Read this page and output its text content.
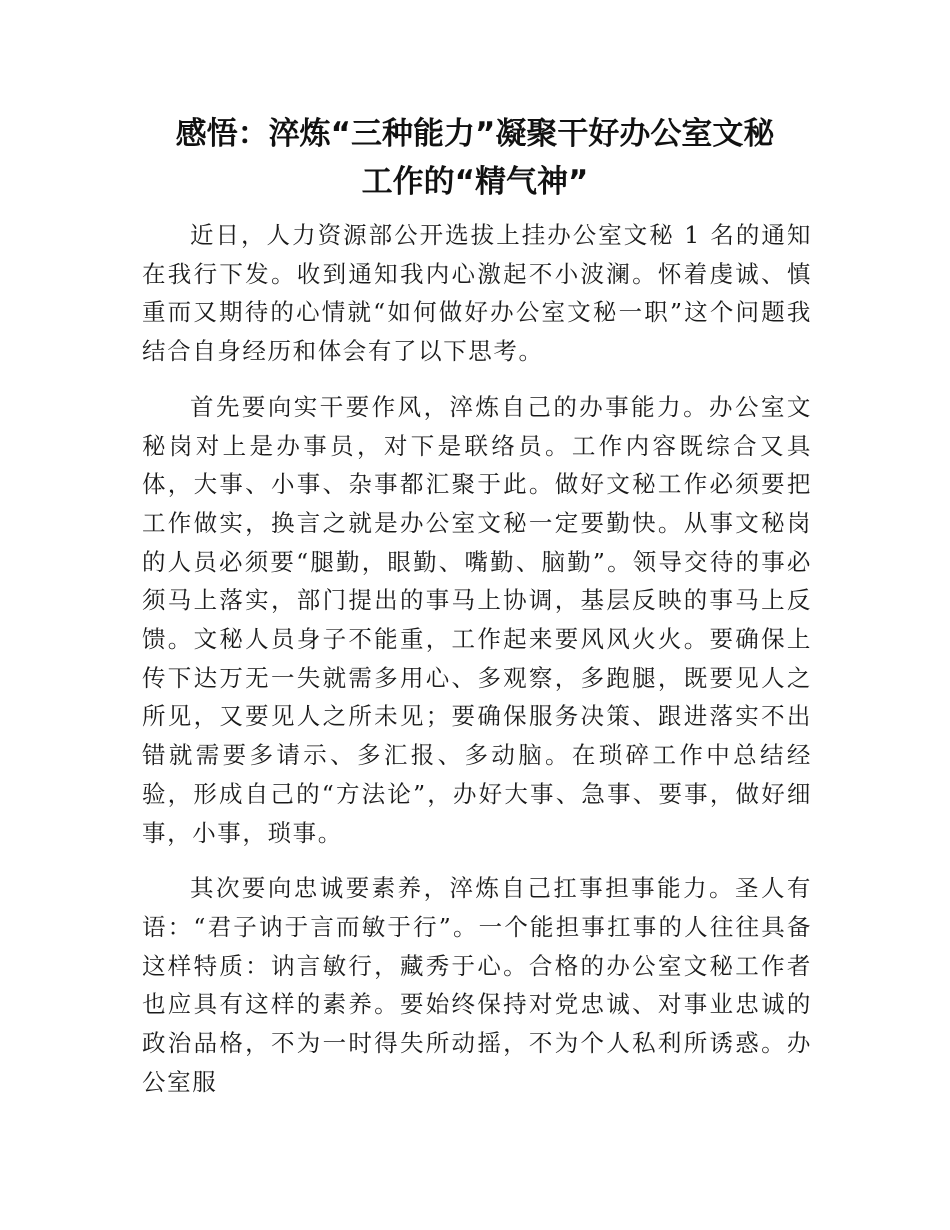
感悟：淬炼“三种能力”凝聚干好办公室文秘
工作的“精气神”

近日，人力资源部公开选拔上挂办公室文秘 1 名的通知在我行下发。收到通知我内心激起不小波澜。怀着虔诚、慎重而又期待的心情就“如何做好办公室文秘一职”这个问题我结合自身经历和体会有了以下思考。

首先要向实干要作风，淬炼自己的办事能力。办公室文秘岗对上是办事员，对下是联络员。工作内容既综合又具体，大事、小事、杂事都汇聚于此。做好文秘工作必须要把工作做实，换言之就是办公室文秘一定要勤快。从事文秘岗的人员必须要“腿勤，眼勤、嘴勤、脑勤”。领导交待的事必须马上落实，部门提出的事马上协调，基层反映的事马上反馈。文秘人员身子不能重，工作起来要风风火火。要确保上传下达万无一失就需多用心、多观察，多跑腿，既要见人之所见，又要见人之所未见；要确保服务决策、跟进落实不出错就需要多请示、多汇报、多动脑。在琐碎工作中总结经验，形成自己的“方法论”，办好大事、急事、要事，做好细事，小事，琐事。

其次要向忠诚要素养，淬炼自己扛事担事能力。圣人有语：“君子讷于言而敏于行”。一个能担事扛事的人往往具备这样特质：讷言敏行，藏秀于心。合格的办公室文秘工作者也应具有这样的素养。要始终保持对党忠诚、对事业忠诚的政治品格，不为一时得失所动摇，不为个人私利所诱惑。办公室服
